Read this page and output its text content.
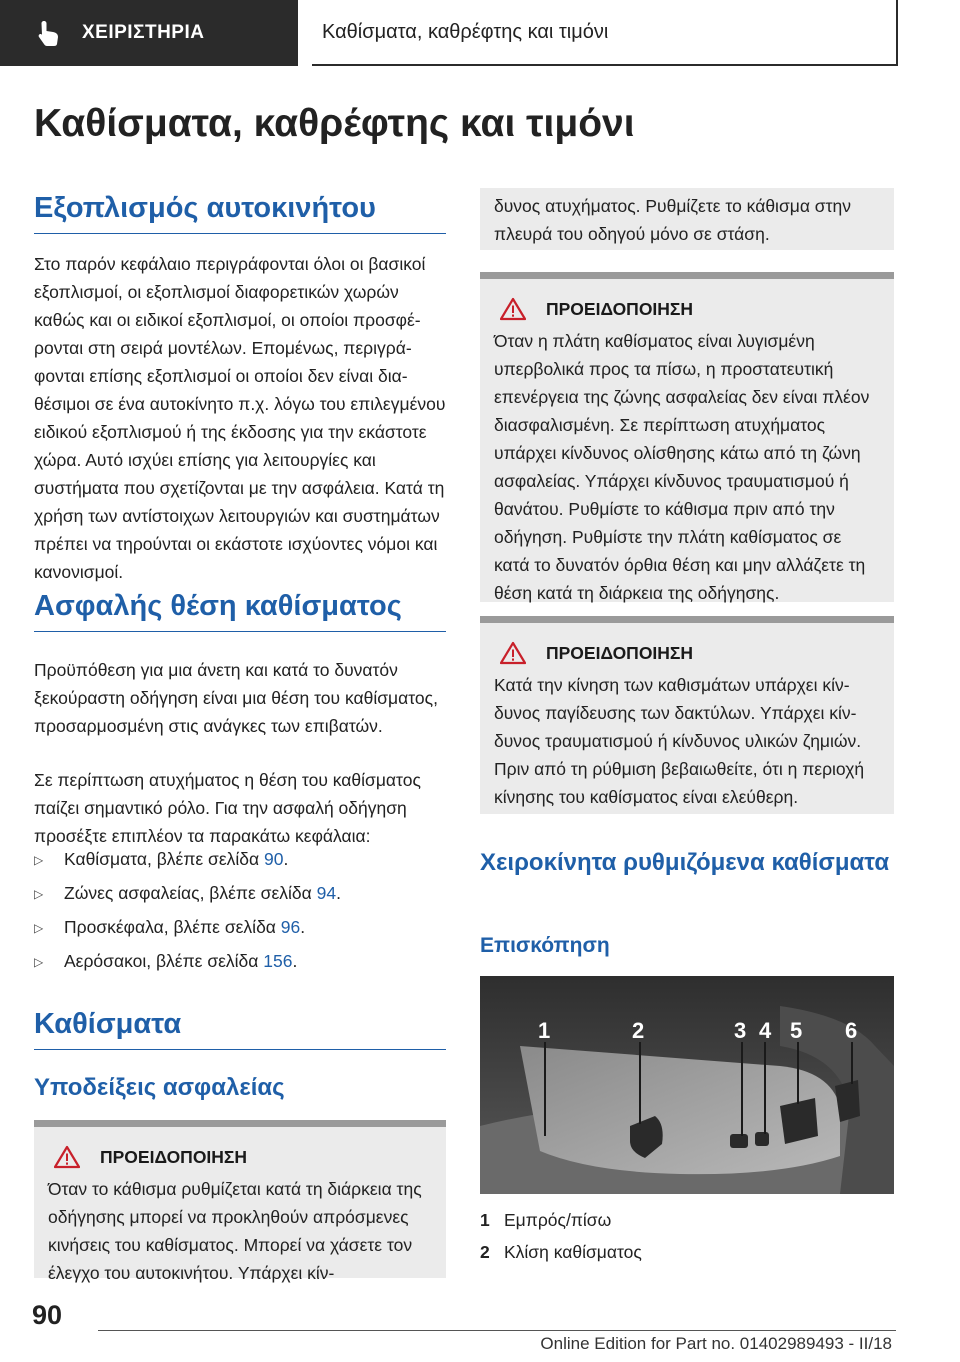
ΧΕΙΡΙΣΤΗΡΙΑ	Καθίσματα, καθρέφτης και τιμόνι
Καθίσματα, καθρέφτης και τιμόνι
Εξοπλισμός αυτοκινήτου

Στο παρόν κεφάλαιο περιγράφονται όλοι οι βασικοί εξοπλισμοί, οι εξοπλισμοί διαφορετικών χωρών καθώς και οι ειδικοί εξοπλισμοί, οι οποίοι προσφέρονται στη σειρά μοντέλων. Επομένως, περιγράφονται επίσης εξοπλισμοί οι οποίοι δεν είναι διαθέσιμοι σε ένα αυτοκίνητο π.χ. λόγω του επιλεγμένου ειδικού εξοπλισμού ή της έκδοσης για την εκάστοτε χώρα. Αυτό ισχύει επίσης για λειτουργίες και συστήματα που σχετίζονται με την ασφάλεια. Κατά τη χρήση των αντίστοιχων λειτουργιών και συστημάτων πρέπει να τηρούνται οι εκάστοτε ισχύοντες νόμοι και κανονισμοί.

Ασφαλής θέση καθίσματος

Προϋπόθεση για μια άνετη και κατά το δυνατόν ξεκούραστη οδήγηση είναι μια θέση του καθίσματος, προσαρμοσμένη στις ανάγκες των επιβατών.

Σε περίπτωση ατυχήματος η θέση του καθίσματος παίζει σημαντικό ρόλο. Για την ασφαλή οδήγηση προσέξτε επιπλέον τα παρακάτω κεφάλαια:

▷	Καθίσματα, βλέπε σελίδα 90.
▷	Ζώνες ασφαλείας, βλέπε σελίδα 94.
▷	Προσκέφαλα, βλέπε σελίδα 96.
▷	Αερόσακοι, βλέπε σελίδα 156.
Καθίσματα
Υποδείξεις ασφαλείας
ΠΡΟΕΙΔΟΠΟΙΗΣΗ

Όταν το κάθισμα ρυθμίζεται κατά τη διάρκεια της οδήγησης μπορεί να προκληθούν απρόσμενες κινήσεις του καθίσματος. Μπορεί να χάσετε τον έλεγχο του αυτοκινήτου. Υπάρχει κίν-

δυνος ατυχήματος. Ρυθμίζετε το κάθισμα στην πλευρά του οδηγού μόνο σε στάση.

ΠΡΟΕΙΔΟΠΟΙΗΣΗ

Όταν η πλάτη καθίσματος είναι λυγισμένη υπερβολικά προς τα πίσω, η προστατευτική επενέργεια της ζώνης ασφαλείας δεν είναι πλέον διασφαλισμένη. Σε περίπτωση ατυχήματος υπάρχει κίνδυνος ολίσθησης κάτω από τη ζώνη ασφαλείας. Υπάρχει κίνδυνος τραυματισμού ή θανάτου. Ρυθμίστε το κάθισμα πριν από την οδήγηση. Ρυθμίστε την πλάτη καθίσματος σε κατά το δυνατόν όρθια θέση και μην αλλάζετε τη θέση κατά τη διάρκεια της οδήγησης.

ΠΡΟΕΙΔΟΠΟΙΗΣΗ

Κατά την κίνηση των καθισμάτων υπάρχει κίνδυνος παγίδευσης των δακτύλων. Υπάρχει κίνδυνος τραυματισμού ή κίνδυνος υλικών ζημιών. Πριν από τη ρύθμιση βεβαιωθείτε, ότι η περιοχή κίνησης του καθίσματος είναι ελεύθερη.

Χειροκίνητα ρυθμιζόμενα καθίσματα
Επισκόπηση
1	2	3 4 5 6
1 Εμπρός/πίσω
2 Κλίση καθίσματος
90
Online Edition for Part no. 01402989493 - II/18
